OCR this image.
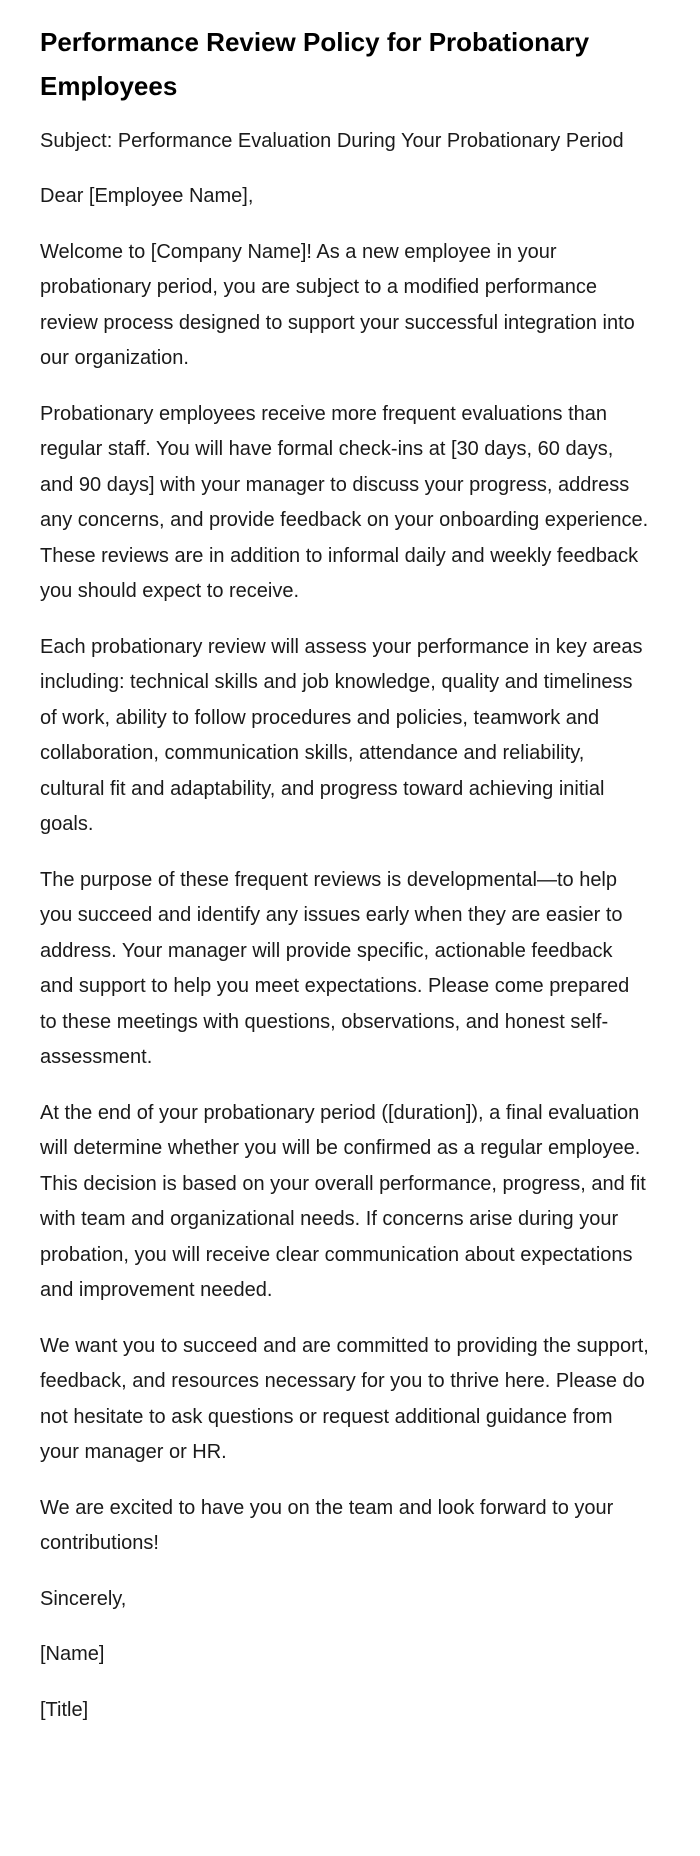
Performance Review Policy for Probationary Employees

Subject: Performance Evaluation During Your Probationary Period

Dear [Employee Name],

Welcome to [Company Name]! As a new employee in your probationary period, you are subject to a modified performance review process designed to support your successful integration into our organization.

Probationary employees receive more frequent evaluations than regular staff. You will have formal check-ins at [30 days, 60 days, and 90 days] with your manager to discuss your progress, address any concerns, and provide feedback on your onboarding experience. These reviews are in addition to informal daily and weekly feedback you should expect to receive.

Each probationary review will assess your performance in key areas including: technical skills and job knowledge, quality and timeliness of work, ability to follow procedures and policies, teamwork and collaboration, communication skills, attendance and reliability, cultural fit and adaptability, and progress toward achieving initial goals.

The purpose of these frequent reviews is developmental—to help you succeed and identify any issues early when they are easier to address. Your manager will provide specific, actionable feedback and support to help you meet expectations. Please come prepared to these meetings with questions, observations, and honest self-assessment.

At the end of your probationary period ([duration]), a final evaluation will determine whether you will be confirmed as a regular employee. This decision is based on your overall performance, progress, and fit with team and organizational needs. If concerns arise during your probation, you will receive clear communication about expectations and improvement needed.

We want you to succeed and are committed to providing the support, feedback, and resources necessary for you to thrive here. Please do not hesitate to ask questions or request additional guidance from your manager or HR.

We are excited to have you on the team and look forward to your contributions!

Sincerely,

[Name]

[Title]
